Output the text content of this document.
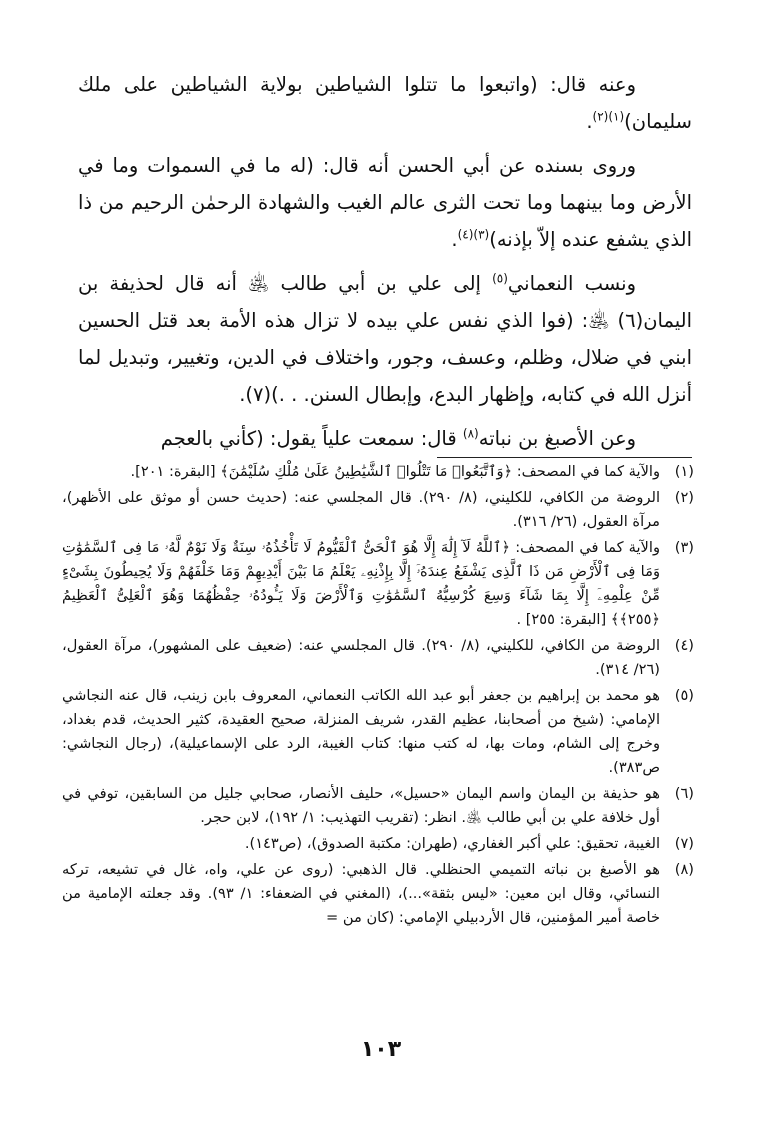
وعنه قال: (واتبعوا ما تتلوا الشياطين بولاية الشياطين على ملك سليمان)$^{(١)(٢)}$.

وروى بسنده عن أبي الحسن أنه قال: (له ما في السموات وما في الأرض وما بينهما وما تحت الثرى عالم الغيب والشهادة الرحمٰن الرحيم من ذا الذي يشفع عنده إلاّ بإذنه)$^{(٣)(٤)}$.

ونسب النعماني$^{(٥)}$ إلى علي بن أبي طالب ﵁ أنه قال لحذيفة بن اليمان(٦) ﵁: (فوا الذي نفس علي بيده لا تزال هذه الأمة بعد قتل الحسين ابني في ضلال، وظلم، وعسف، وجور، واختلاف في الدين، وتغيير، وتبديل لما أنزل الله في كتابه، وإظهار البدع، وإبطال السنن. . .)(٧).

وعن الأصبغ بن نباته$^{(٨)}$ قال: سمعت علياً يقول: (كأني بالعجم

(١)
والآية كما في المصحف: ﴿وَٱتَّبَعُوا۟ مَا تَتْلُوا۟ ٱلشَّيَٰطِينُ عَلَىٰ مُلْكِ سُلَيْمَٰنَ﴾ [البقرة: ٢٠١].
(٢)
الروضة من الكافي، للكليني، (٨/ ٢٩٠). قال المجلسي عنه: (حديث حسن أو موثق على الأظهر)، مرآة العقول، (٢٦/ ٣١٦).
(٣)
والآية كما في المصحف: ﴿ٱللَّهُ لَآ إِلَٰهَ إِلَّا هُوَ ٱلْحَىُّ ٱلْقَيُّومُ لَا تَأْخُذُهُۥ سِنَةٌ وَلَا نَوْمٌ لَّهُۥ مَا فِى ٱلسَّمَٰوَٰتِ وَمَا فِى ٱلْأَرْضِ مَن ذَا ٱلَّذِى يَشْفَعُ عِندَهُۥٓ إِلَّا بِإِذْنِهِۦ يَعْلَمُ مَا بَيْنَ أَيْدِيهِمْ وَمَا خَلْفَهُمْ وَلَا يُحِيطُونَ بِشَىْءٍ مِّنْ عِلْمِهِۦٓ إِلَّا بِمَا شَآءَ وَسِعَ كُرْسِيُّهُ ٱلسَّمَٰوَٰتِ وَٱلْأَرْضَ وَلَا يَـُٔودُهُۥ حِفْظُهُمَا وَهُوَ ٱلْعَلِىُّ ٱلْعَظِيمُ ﴿٢٥٥﴾﴾ [البقرة: ٢٥٥] .
(٤)
الروضة من الكافي، للكليني، (٨/ ٢٩٠). قال المجلسي عنه: (ضعيف على المشهور)، مرآة العقول، (٢٦/ ٣١٤).
(٥)
هو محمد بن إبراهيم بن جعفر أبو عبد الله الكاتب النعماني، المعروف بابن زينب، قال عنه النجاشي الإمامي: (شيخ من أصحابنا، عظيم القدر، شريف المنزلة، صحيح العقيدة، كثير الحديث، قدم بغداد، وخرج إلى الشام، ومات بها، له كتب منها: كتاب الغيبة، الرد على الإسماعيلية)، (رجال النجاشي: ص٣٨٣).
(٦)
هو حذيفة بن اليمان واسم اليمان «حسيل»، حليف الأنصار، صحابي جليل من السابقين، توفي في أول خلافة علي بن أبي طالب ﵁. انظر: (تقريب التهذيب: ١/ ١٩٢)، لابن حجر.
(٧)
الغيبة، تحقيق: علي أكبر الغفاري، (طهران: مكتبة الصدوق)، (ص١٤٣).
(٨)
هو الأصبغ بن نباته التميمي الحنظلي. قال الذهبي: (روى عن علي، واه، غال في تشيعه، تركه النسائي، وقال ابن معين: «ليس بثقة»...)، (المغني في الضعفاء: ١/ ٩٣). وقد جعلته الإمامية من خاصة أمير المؤمنين، قال الأردبيلي الإمامي: (كان من =
١٠٣
